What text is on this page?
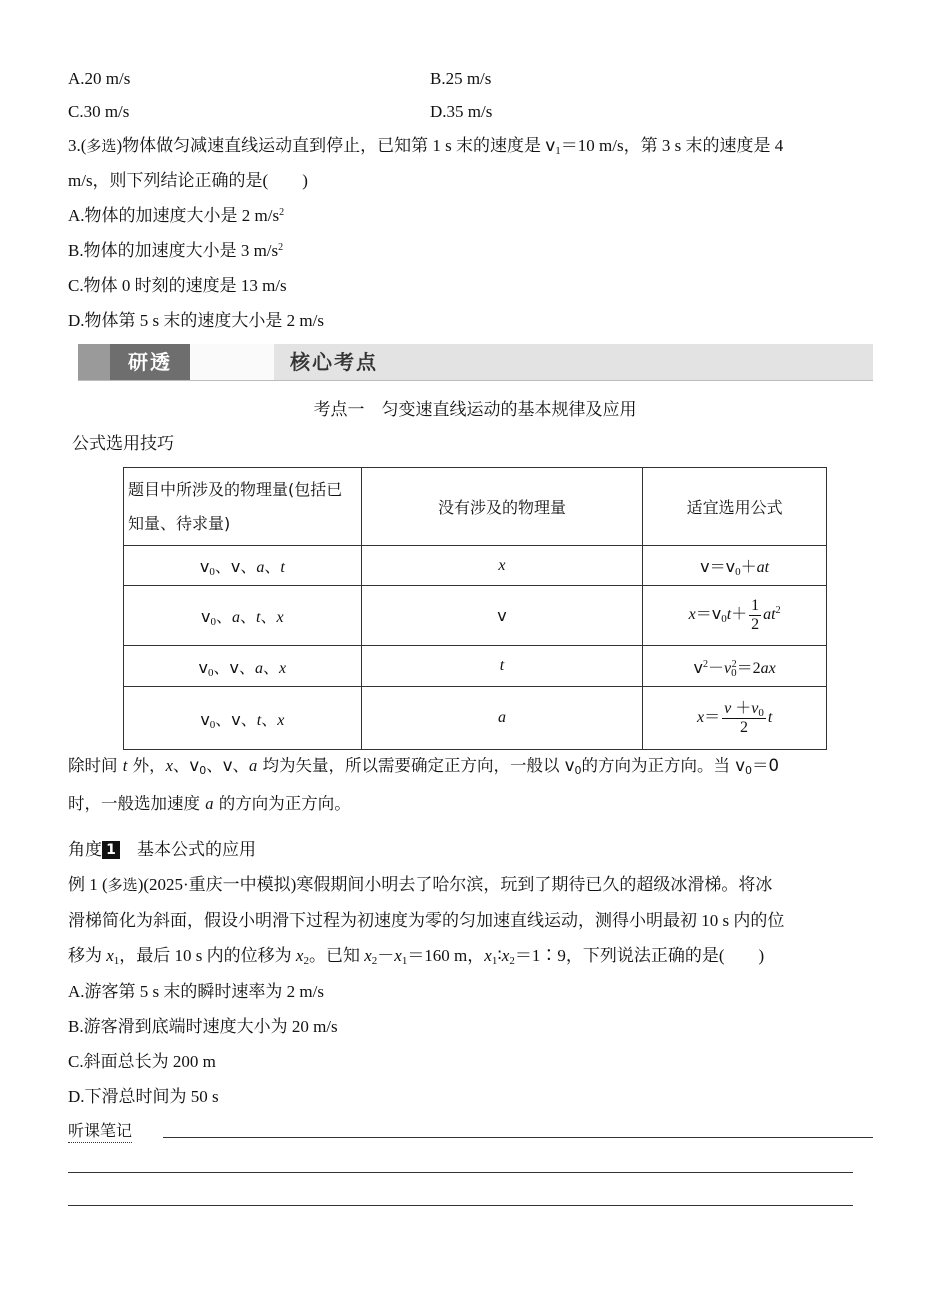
A.20 m/s	B.25 m/s
C.30 m/s	D.35 m/s
3.(多选)物体做匀减速直线运动直到停止，已知第 1 s 末的速度是 $v_1=10$ m/s，第 3 s 末的速度是 4
m/s，则下列结论正确的是(　　)
A.物体的加速度大小是 2 $m/s^2$
B.物体的加速度大小是 3 $m/s^2$
C.物体 0 时刻的速度是 13 m/s
D.物体第 5 s 末的速度大小是 2 m/s
研透	核心考点
考点一　匀变速直线运动的基本规律及应用
公式选用技巧
题目中所涉及的物理量(包括已知量、待求量)	没有涉及的物理量	适宜选用公式
$v_0$、v、a、t	x	$v=v_0+at$
$v_0$、a、t、x	v	$x=v_0t+ \frac{1}{2} at^2$
$v_0$、v、a、x	t	$v^2-v_0^2=2ax$
$v_0$、v、t、x	a	$x= \frac{v +v_0}{2}$ t
除时间 t 外，x、$v_0$、v、a 均为矢量，所以需要确定正方向，一般以 $v_0$的方向为正方向。当 $v_0=0$
时，一般选加速度 a 的方向为正方向。
角度 1　 基本公式的应用
例 1 (多选)(2025·重庆一中模拟)寒假期间小明去了哈尔滨，玩到了期待已久的超级冰滑梯。将冰
滑梯简化为斜面，假设小明滑下过程为初速度为零的匀加速直线运动，测得小明最初 10 s 内的位
移为 $x_1$，最后 10 s 内的位移为 $x_2$。已知 $x_2-x_1=160$ m，$x_1∶x_2=1∶9$，下列说法正确的是(　　)
A.游客第 5 s 末的瞬时速率为 2 m/s
B.游客滑到底端时速度大小为 20 m/s
C.斜面总长为 200 m
D.下滑总时间为 50 s
听课笔记
